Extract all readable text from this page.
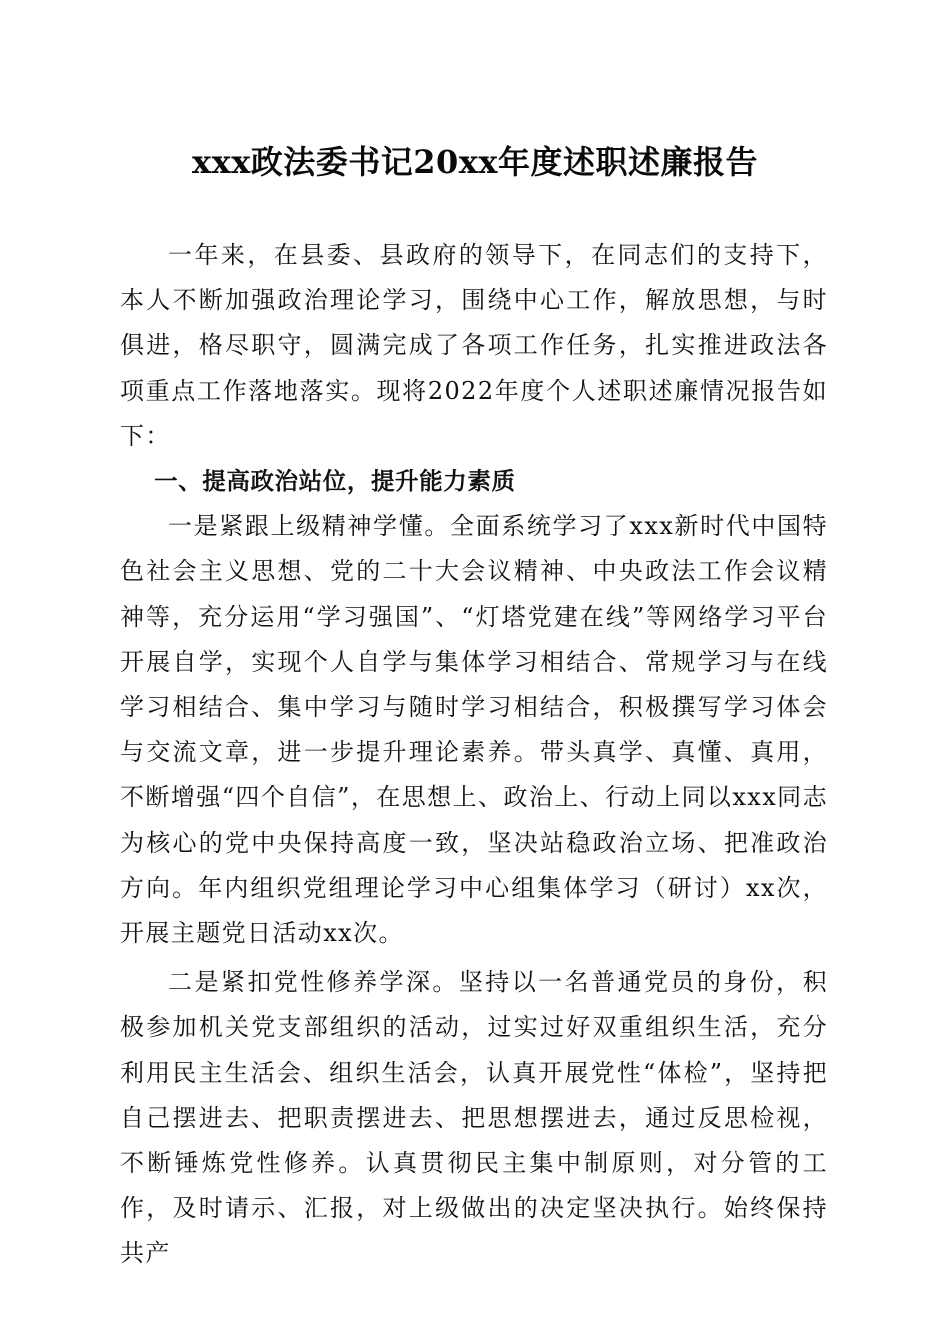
xxx政法委书记20xx年度述职述廉报告

一年来，在县委、县政府的领导下，在同志们的支持下，本人不断加强政治理论学习，围绕中心工作，解放思想，与时俱进，格尽职守，圆满完成了各项工作任务，扎实推进政法各项重点工作落地落实。现将2022年度个人述职述廉情况报告如下：

一、提高政治站位，提升能力素质

一是紧跟上级精神学懂。全面系统学习了xxx新时代中国特色社会主义思想、党的二十大会议精神、中央政法工作会议精神等，充分运用“学习强国”、“灯塔党建在线”等网络学习平台开展自学，实现个人自学与集体学习相结合、常规学习与在线学习相结合、集中学习与随时学习相结合，积极撰写学习体会与交流文章，进一步提升理论素养。带头真学、真懂、真用，不断增强“四个自信”，在思想上、政治上、行动上同以xxx同志为核心的党中央保持高度一致，坚决站稳政治立场、把准政治方向。年内组织党组理论学习中心组集体学习（研讨）xx次，开展主题党日活动xx次。

二是紧扣党性修养学深。坚持以一名普通党员的身份，积极参加机关党支部组织的活动，过实过好双重组织生活，充分利用民主生活会、组织生活会，认真开展党性“体检”，坚持把自己摆进去、把职责摆进去、把思想摆进去，通过反思检视，不断锤炼党性修养。认真贯彻民主集中制原则，对分管的工作，及时请示、汇报，对上级做出的决定坚决执行。始终保持共产
